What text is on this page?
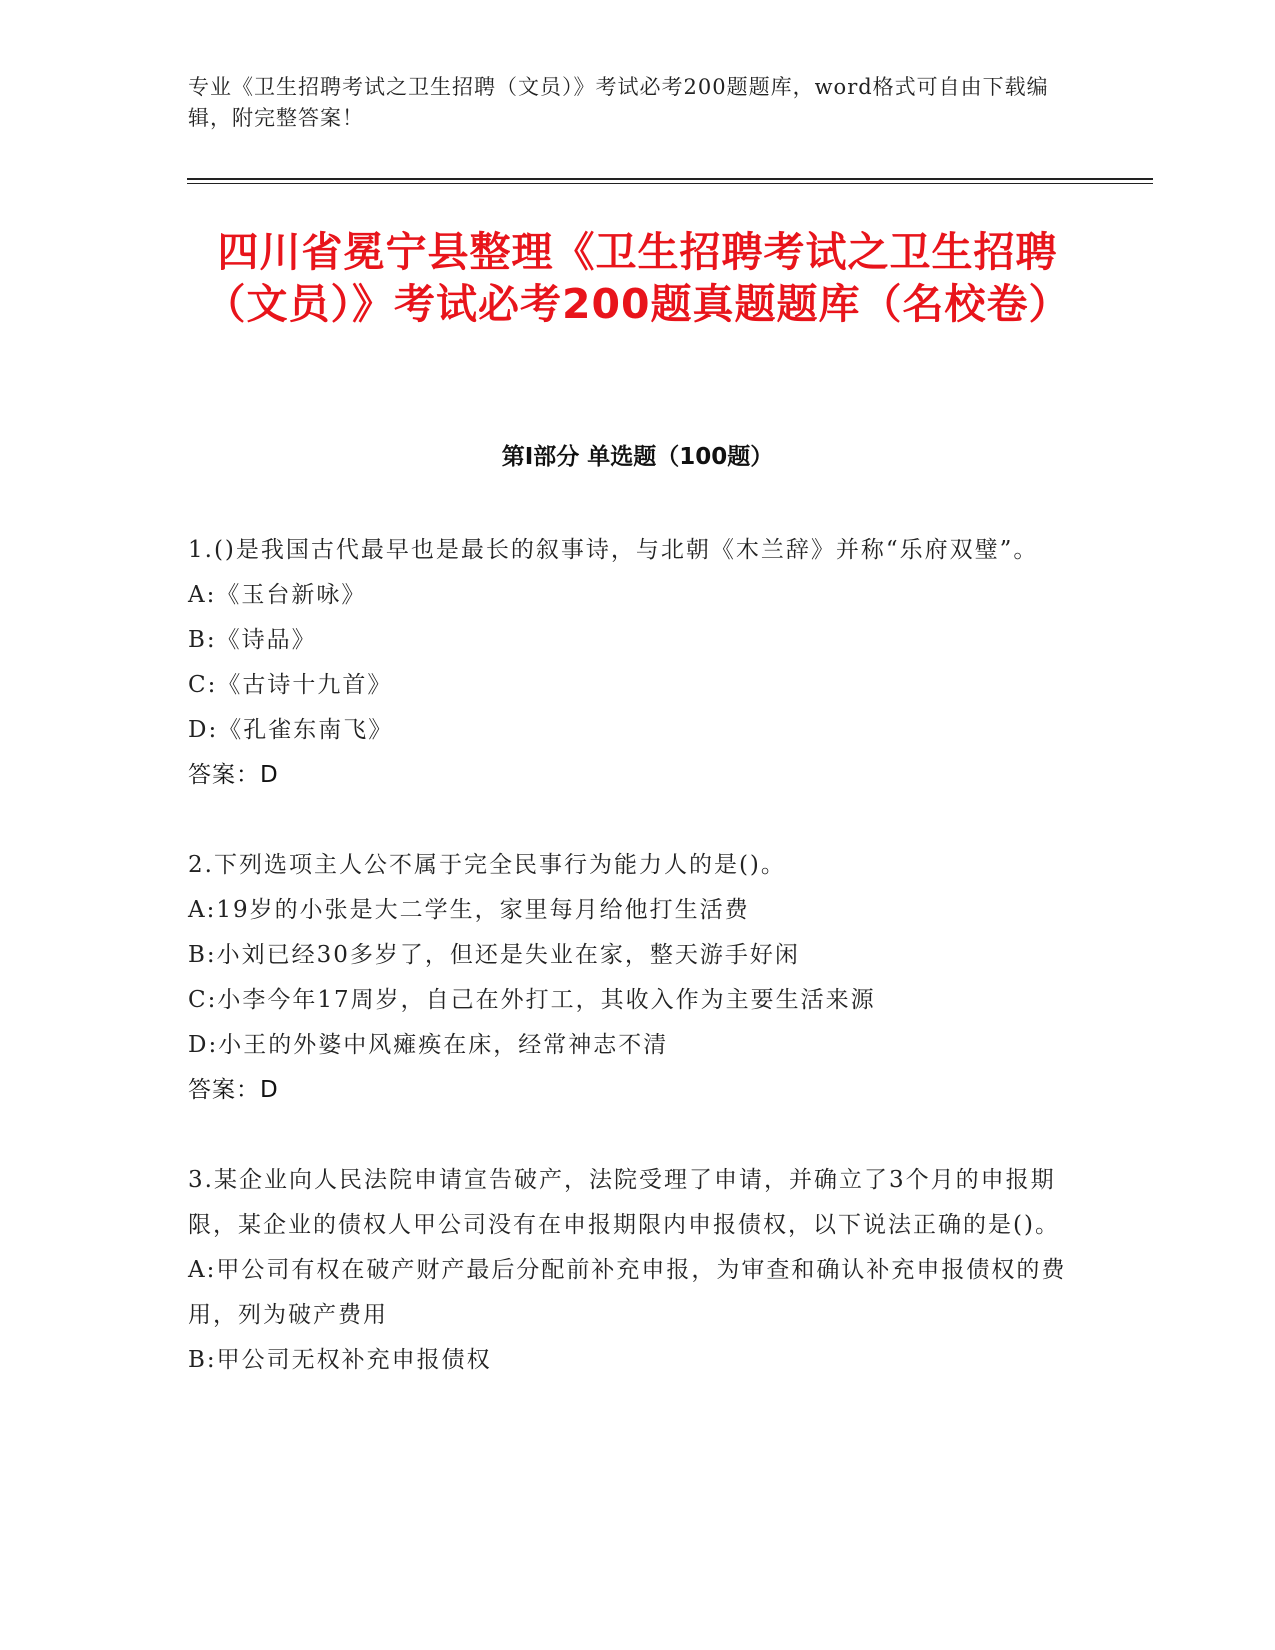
专业《卫生招聘考试之卫生招聘（文员）》考试必考200题题库，word格式可自由下载编辑，附完整答案！
四川省冕宁县整理《卫生招聘考试之卫生招聘（文员）》考试必考200题真题题库（名校卷）
第I部分 单选题（100题）

1.()是我国古代最早也是最长的叙事诗，与北朝《木兰辞》并称“乐府双璧”。

A:《玉台新咏》

B:《诗品》

C:《古诗十九首》

D:《孔雀东南飞》

答案：D

2.下列选项主人公不属于完全民事行为能力人的是()。

A:19岁的小张是大二学生，家里每月给他打生活费

B:小刘已经30多岁了，但还是失业在家，整天游手好闲

C:小李今年17周岁，自己在外打工，其收入作为主要生活来源

D:小王的外婆中风瘫痪在床，经常神志不清

答案：D

3.某企业向人民法院申请宣告破产，法院受理了申请，并确立了3个月的申报期限，某企业的债权人甲公司没有在申报期限内申报债权，以下说法正确的是()。

A:甲公司有权在破产财产最后分配前补充申报，为审查和确认补充申报债权的费用，列为破产费用

B:甲公司无权补充申报债权
